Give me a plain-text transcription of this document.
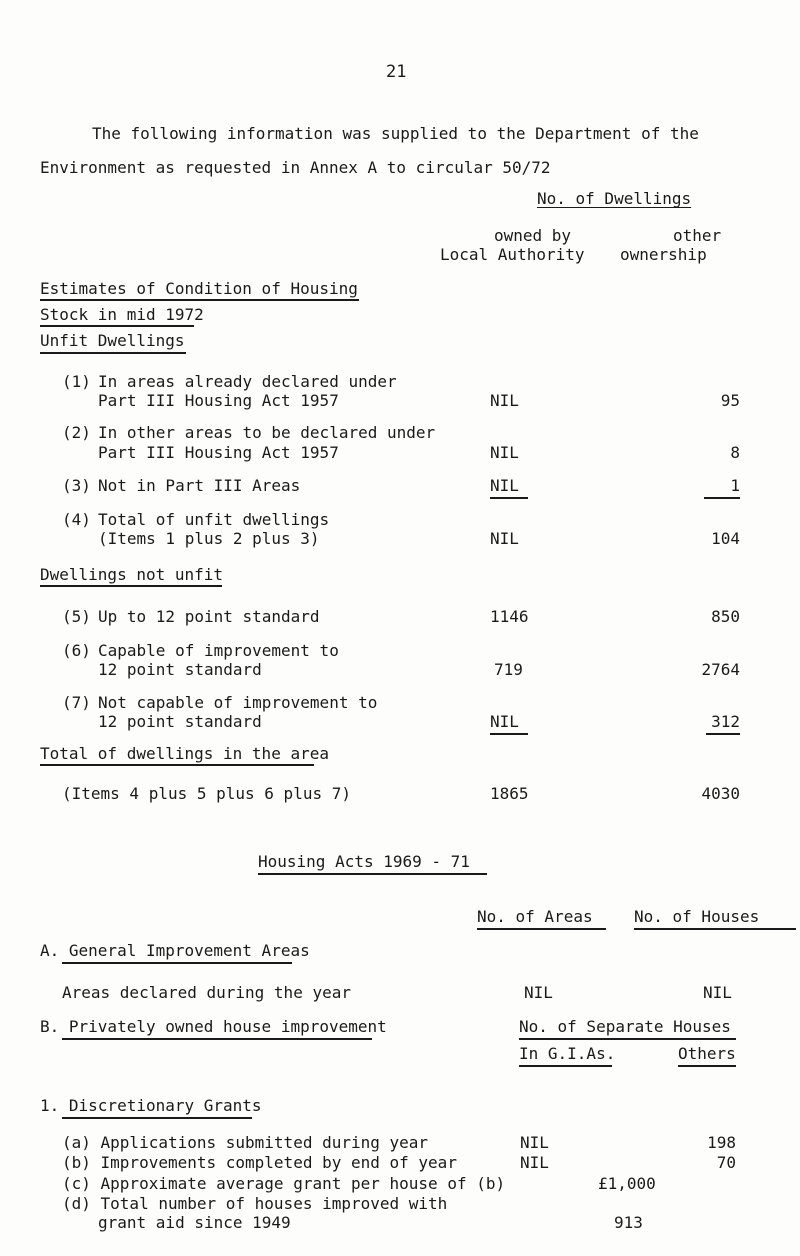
21
The following information was supplied to the Department of the
Environment as requested in Annex A to circular 50/72
No. of Dwellings
owned by
Local Authority
other
ownership
Estimates of Condition of Housing
Stock in mid 1972
Unfit Dwellings
(1) In areas already declared under
Part III Housing Act 1957	NIL	95
(2) In other areas to be declared under
Part III Housing Act 1957	NIL	8
(3) Not in Part III Areas	NIL	1
(4) Total of unfit dwellings
(Items 1 plus 2 plus 3)	NIL	104
Dwellings not unfit
(5) Up to 12 point standard	1146	850
(6) Capable of improvement to
12 point standard	719	2764
(7) Not capable of improvement to
12 point standard	NIL	312
Total of dwellings in the area
(Items 4 plus 5 plus 6 plus 7)	1865	4030
Housing Acts 1969 - 71
No. of Areas	No. of Houses
A. General Improvement Areas
Areas declared during the year	NIL	NIL
B. Privately owned house improvement	No. of Separate Houses
In G.I.As.	Others
1. Discretionary Grants
(a) Applications submitted during year	NIL	198
(b) Improvements completed by end of year	NIL	70
(c) Approximate average grant per house of (b)	£1,000
(d) Total number of houses improved with
grant aid since 1949	913
